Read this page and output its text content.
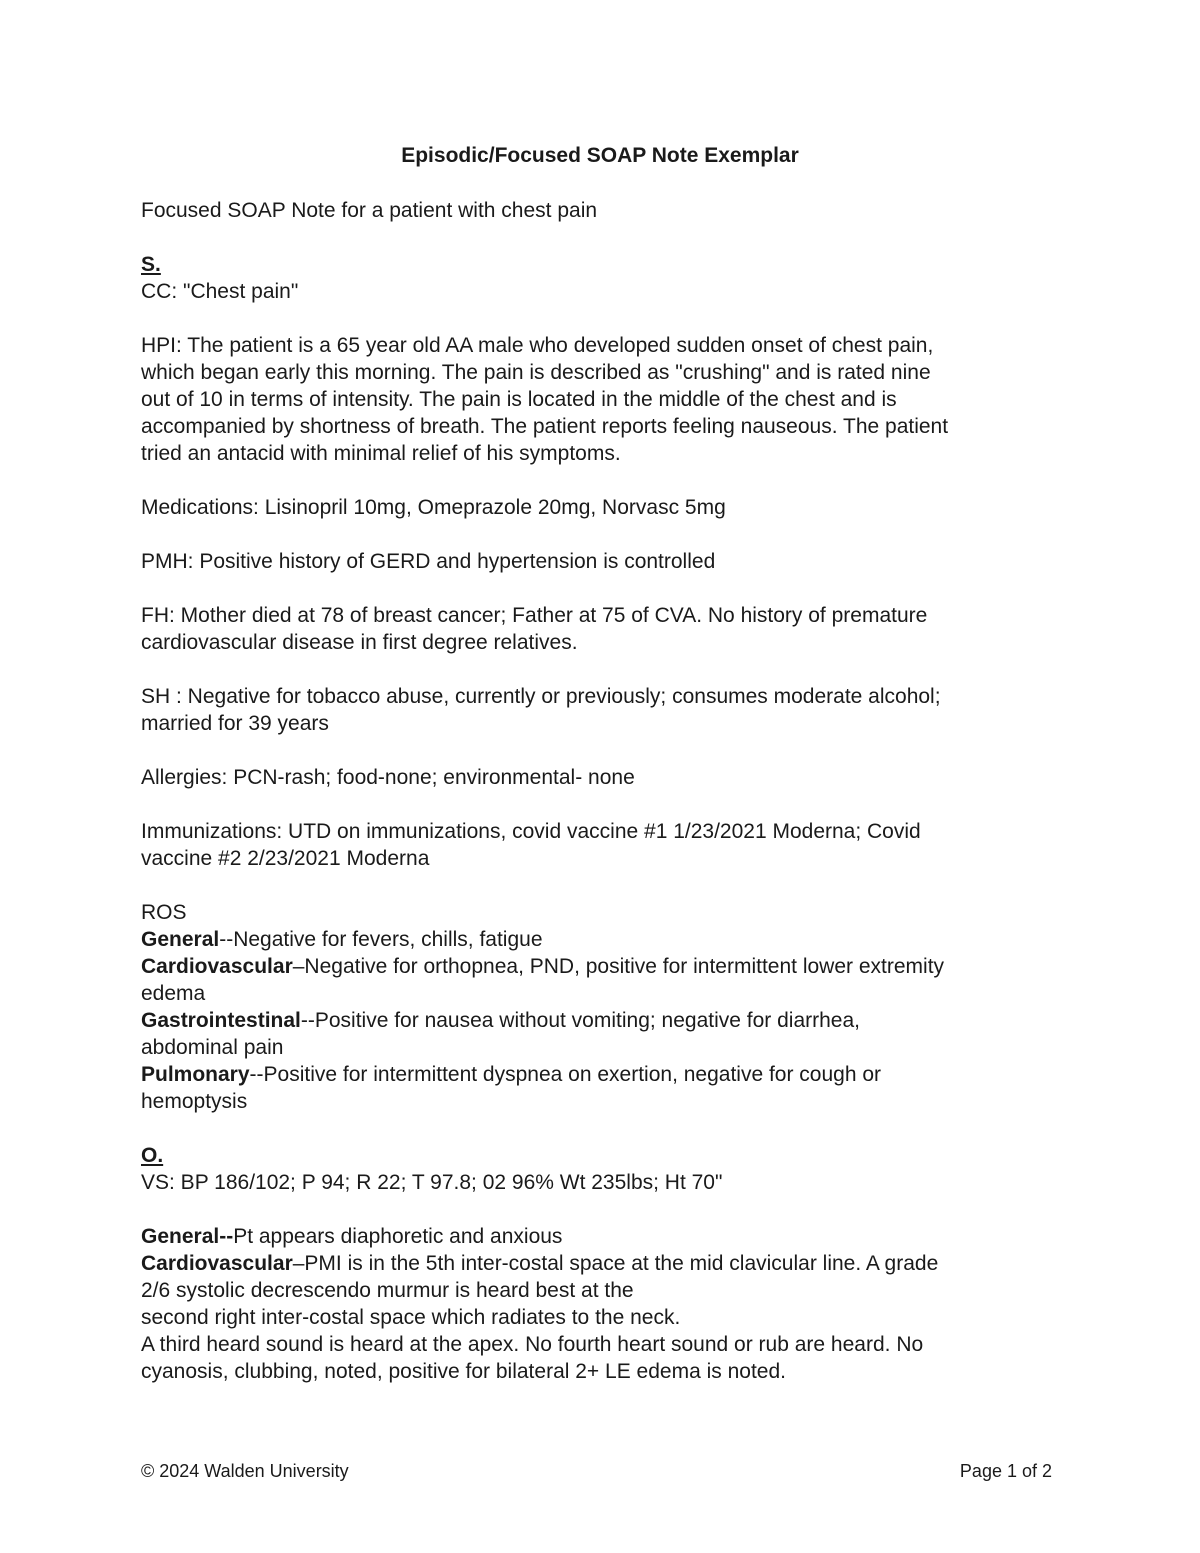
Episodic/Focused SOAP Note Exemplar

Focused SOAP Note for a patient with chest pain

S.

CC: "Chest pain"

HPI: The patient is a 65 year old AA male who developed sudden onset of chest pain,

which began early this morning. The pain is described as "crushing" and is rated nine

out of 10 in terms of intensity. The pain is located in the middle of the chest and is

accompanied by shortness of breath. The patient reports feeling nauseous. The patient

tried an antacid with minimal relief of his symptoms.

Medications: Lisinopril 10mg, Omeprazole 20mg, Norvasc 5mg

PMH: Positive history of GERD and hypertension is controlled

FH: Mother died at 78 of breast cancer; Father at 75 of CVA. No history of premature

cardiovascular disease in first degree relatives.

SH : Negative for tobacco abuse, currently or previously; consumes moderate alcohol;

married for 39 years

Allergies: PCN-rash; food-none; environmental- none

Immunizations: UTD on immunizations, covid vaccine #1 1/23/2021 Moderna; Covid

vaccine #2 2/23/2021 Moderna

ROS

General--Negative for fevers, chills, fatigue

Cardiovascular–Negative for orthopnea, PND, positive for intermittent lower extremity

edema

Gastrointestinal--Positive for nausea without vomiting; negative for diarrhea,

abdominal pain

Pulmonary--Positive for intermittent dyspnea on exertion, negative for cough or

hemoptysis

O.

VS: BP 186/102; P 94; R 22; T 97.8; 02 96% Wt 235lbs; Ht 70"

General--Pt appears diaphoretic and anxious

Cardiovascular–PMI is in the 5th inter-costal space at the mid clavicular line. A grade

2/6 systolic decrescendo murmur is heard best at the

second right inter-costal space which radiates to the neck.

A third heard sound is heard at the apex. No fourth heart sound or rub are heard. No

cyanosis, clubbing, noted, positive for bilateral 2+ LE edema is noted.

© 2024 Walden University	Page 1 of 2
